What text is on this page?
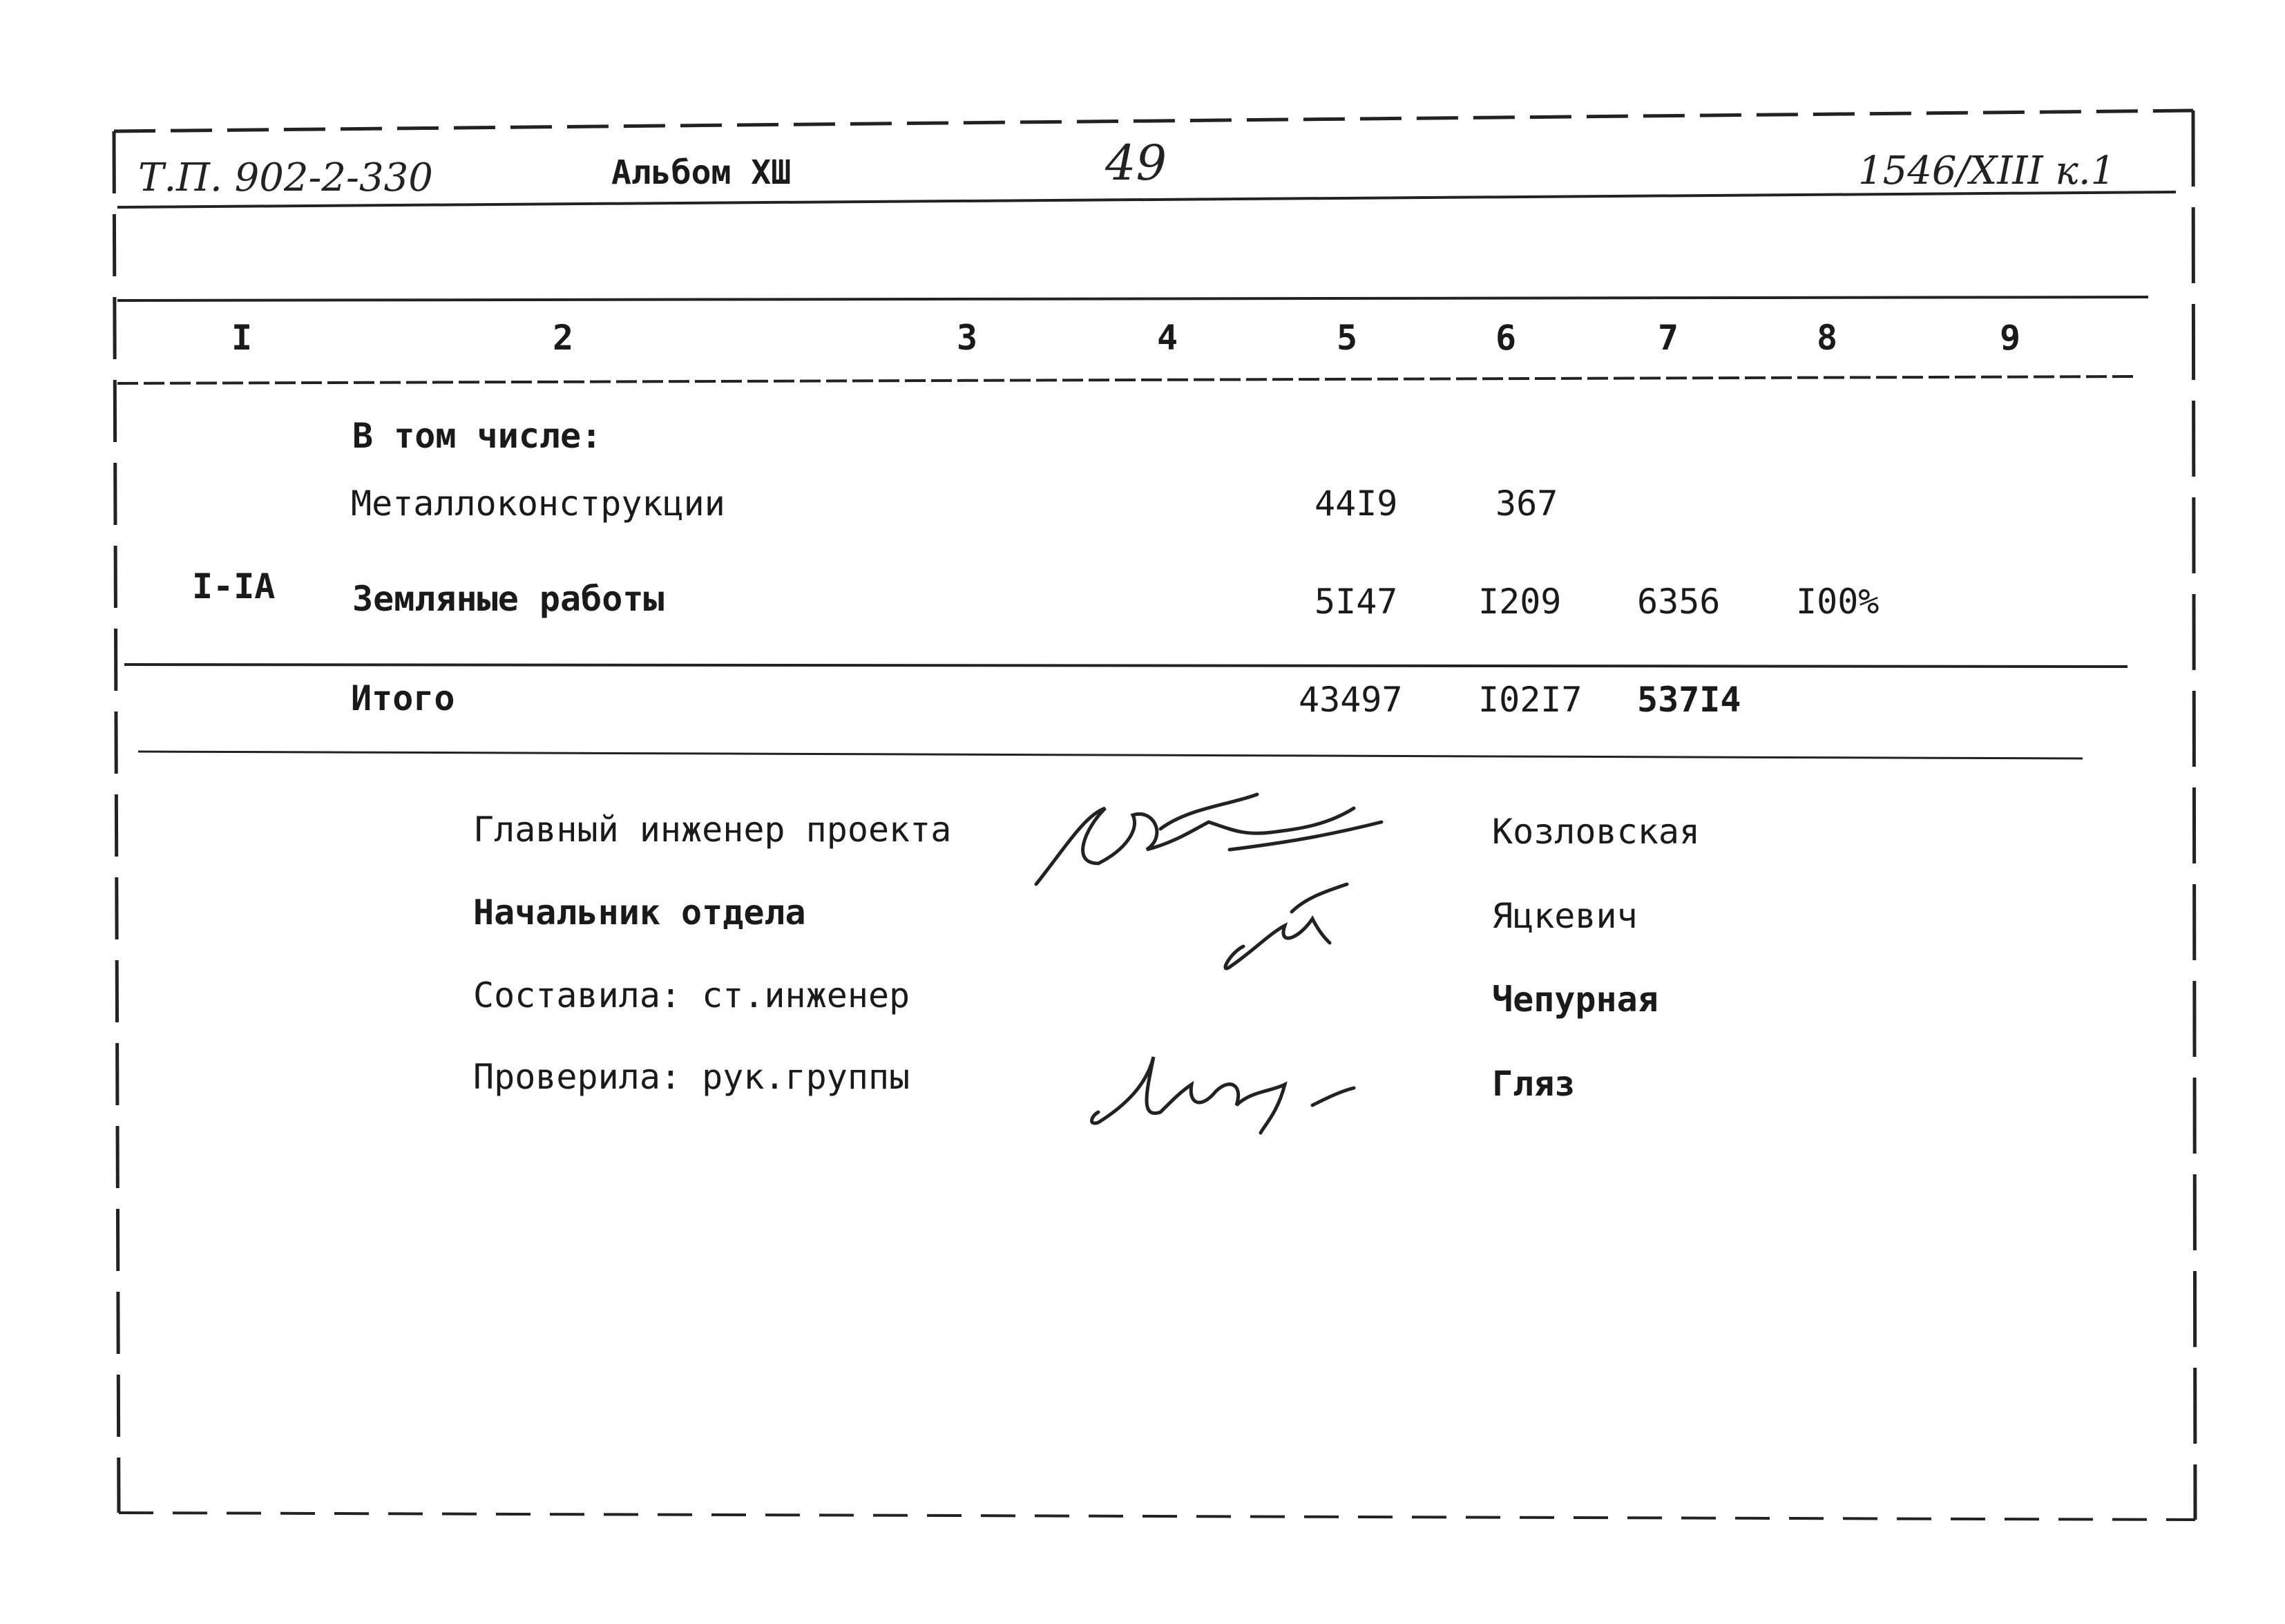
Т.П. 902-2-330	Альбом ХШ	49	1546/XIII к.1
I	2	3	4	5	6	7	8	9
В том числе:
Металлоконструкции	44I9	367
I-IA Земляные работы	5I47 I209 6356 I00%
Итого	43497 I02I7 537I4
Главный инженер проекта	Козловская
Начальник отдела	Яцкевич
Составила: ст.инженер	Чепурная
Проверила: рук.группы	Гляз
